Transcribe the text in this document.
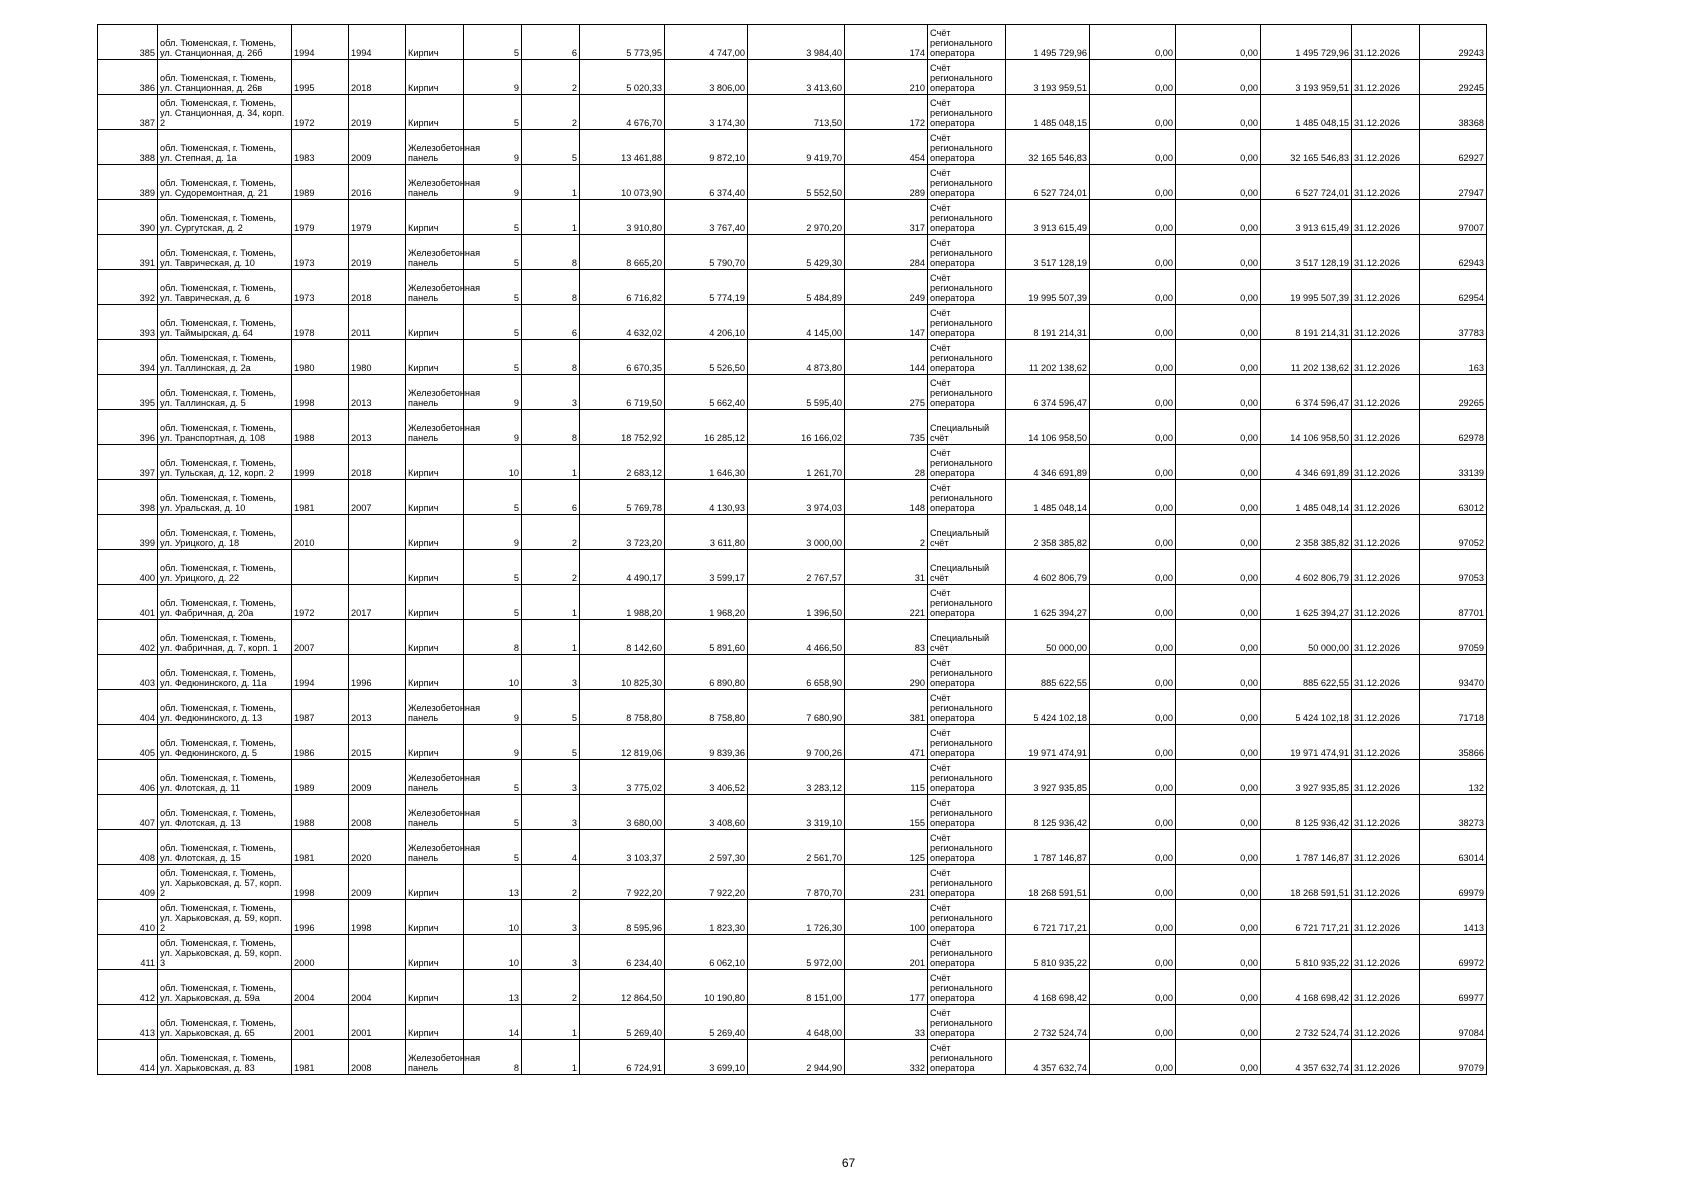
385	обл. Тюменская, г. Тюмень, ул. Станционная, д. 26б	1994	1994	Кирпич	5	6	5 773,95	4 747,00	3 984,40	174	Счёт регионального оператора	1 495 729,96	0,00	0,00	1 495 729,96	31.12.2026	29243
386	обл. Тюменская, г. Тюмень, ул. Станционная, д. 26в	1995	2018	Кирпич	9	2	5 020,33	3 806,00	3 413,60	210	Счёт регионального оператора	3 193 959,51	0,00	0,00	3 193 959,51	31.12.2026	29245
387	обл. Тюменская, г. Тюмень, ул. Станционная, д. 34, корп. 2	1972	2019	Кирпич	5	2	4 676,70	3 174,30	713,50	172	Счёт регионального оператора	1 485 048,15	0,00	0,00	1 485 048,15	31.12.2026	38368
388	обл. Тюменская, г. Тюмень, ул. Степная, д. 1а	1983	2009	Железобетонная панель	9	5	13 461,88	9 872,10	9 419,70	454	Счёт регионального оператора	32 165 546,83	0,00	0,00	32 165 546,83	31.12.2026	62927
389	обл. Тюменская, г. Тюмень, ул. Судоремонтная, д. 21	1989	2016	Железобетонная панель	9	1	10 073,90	6 374,40	5 552,50	289	Счёт регионального оператора	6 527 724,01	0,00	0,00	6 527 724,01	31.12.2026	27947
390	обл. Тюменская, г. Тюмень, ул. Сургутская, д. 2	1979	1979	Кирпич	5	1	3 910,80	3 767,40	2 970,20	317	Счёт регионального оператора	3 913 615,49	0,00	0,00	3 913 615,49	31.12.2026	97007
391	обл. Тюменская, г. Тюмень, ул. Таврическая, д. 10	1973	2019	Железобетонная панель	5	8	8 665,20	5 790,70	5 429,30	284	Счёт регионального оператора	3 517 128,19	0,00	0,00	3 517 128,19	31.12.2026	62943
392	обл. Тюменская, г. Тюмень, ул. Таврическая, д. 6	1973	2018	Железобетонная панель	5	8	6 716,82	5 774,19	5 484,89	249	Счёт регионального оператора	19 995 507,39	0,00	0,00	19 995 507,39	31.12.2026	62954
393	обл. Тюменская, г. Тюмень, ул. Таймырская, д. 64	1978	2011	Кирпич	5	6	4 632,02	4 206,10	4 145,00	147	Счёт регионального оператора	8 191 214,31	0,00	0,00	8 191 214,31	31.12.2026	37783
394	обл. Тюменская, г. Тюмень, ул. Таллинская, д. 2а	1980	1980	Кирпич	5	8	6 670,35	5 526,50	4 873,80	144	Счёт регионального оператора	11 202 138,62	0,00	0,00	11 202 138,62	31.12.2026	163
395	обл. Тюменская, г. Тюмень, ул. Таллинская, д. 5	1998	2013	Железобетонная панель	9	3	6 719,50	5 662,40	5 595,40	275	Счёт регионального оператора	6 374 596,47	0,00	0,00	6 374 596,47	31.12.2026	29265
396	обл. Тюменская, г. Тюмень, ул. Транспортная, д. 108	1988	2013	Железобетонная панель	9	8	18 752,92	16 285,12	16 166,02	735	Специальный счёт	14 106 958,50	0,00	0,00	14 106 958,50	31.12.2026	62978
397	обл. Тюменская, г. Тюмень, ул. Тульская, д. 12, корп. 2	1999	2018	Кирпич	10	1	2 683,12	1 646,30	1 261,70	28	Счёт регионального оператора	4 346 691,89	0,00	0,00	4 346 691,89	31.12.2026	33139
398	обл. Тюменская, г. Тюмень, ул. Уральская, д. 10	1981	2007	Кирпич	5	6	5 769,78	4 130,93	3 974,03	148	Счёт регионального оператора	1 485 048,14	0,00	0,00	1 485 048,14	31.12.2026	63012
399	обл. Тюменская, г. Тюмень, ул. Урицкого, д. 18	2010		Кирпич	9	2	3 723,20	3 611,80	3 000,00	2	Специальный счёт	2 358 385,82	0,00	0,00	2 358 385,82	31.12.2026	97052
400	обл. Тюменская, г. Тюмень, ул. Урицкого, д. 22			Кирпич	5	2	4 490,17	3 599,17	2 767,57	31	Специальный счёт	4 602 806,79	0,00	0,00	4 602 806,79	31.12.2026	97053
401	обл. Тюменская, г. Тюмень, ул. Фабричная, д. 20а	1972	2017	Кирпич	5	1	1 988,20	1 968,20	1 396,50	221	Счёт регионального оператора	1 625 394,27	0,00	0,00	1 625 394,27	31.12.2026	87701
402	обл. Тюменская, г. Тюмень, ул. Фабричная, д. 7, корп. 1	2007		Кирпич	8	1	8 142,60	5 891,60	4 466,50	83	Специальный счёт	50 000,00	0,00	0,00	50 000,00	31.12.2026	97059
403	обл. Тюменская, г. Тюмень, ул. Федюнинского, д. 11а	1994	1996	Кирпич	10	3	10 825,30	6 890,80	6 658,90	290	Счёт регионального оператора	885 622,55	0,00	0,00	885 622,55	31.12.2026	93470
404	обл. Тюменская, г. Тюмень, ул. Федюнинского, д. 13	1987	2013	Железобетонная панель	9	5	8 758,80	8 758,80	7 680,90	381	Счёт регионального оператора	5 424 102,18	0,00	0,00	5 424 102,18	31.12.2026	71718
405	обл. Тюменская, г. Тюмень, ул. Федюнинского, д. 5	1986	2015	Кирпич	9	5	12 819,06	9 839,36	9 700,26	471	Счёт регионального оператора	19 971 474,91	0,00	0,00	19 971 474,91	31.12.2026	35866
406	обл. Тюменская, г. Тюмень, ул. Флотская, д. 11	1989	2009	Железобетонная панель	5	3	3 775,02	3 406,52	3 283,12	115	Счёт регионального оператора	3 927 935,85	0,00	0,00	3 927 935,85	31.12.2026	132
407	обл. Тюменская, г. Тюмень, ул. Флотская, д. 13	1988	2008	Железобетонная панель	5	3	3 680,00	3 408,60	3 319,10	155	Счёт регионального оператора	8 125 936,42	0,00	0,00	8 125 936,42	31.12.2026	38273
408	обл. Тюменская, г. Тюмень, ул. Флотская, д. 15	1981	2020	Железобетонная панель	5	4	3 103,37	2 597,30	2 561,70	125	Счёт регионального оператора	1 787 146,87	0,00	0,00	1 787 146,87	31.12.2026	63014
409	обл. Тюменская, г. Тюмень, ул. Харьковская, д. 57, корп. 2	1998	2009	Кирпич	13	2	7 922,20	7 922,20	7 870,70	231	Счёт регионального оператора	18 268 591,51	0,00	0,00	18 268 591,51	31.12.2026	69979
410	обл. Тюменская, г. Тюмень, ул. Харьковская, д. 59, корп. 2	1996	1998	Кирпич	10	3	8 595,96	1 823,30	1 726,30	100	Счёт регионального оператора	6 721 717,21	0,00	0,00	6 721 717,21	31.12.2026	1413
411	обл. Тюменская, г. Тюмень, ул. Харьковская, д. 59, корп. 3	2000		Кирпич	10	3	6 234,40	6 062,10	5 972,00	201	Счёт регионального оператора	5 810 935,22	0,00	0,00	5 810 935,22	31.12.2026	69972
412	обл. Тюменская, г. Тюмень, ул. Харьковская, д. 59а	2004	2004	Кирпич	13	2	12 864,50	10 190,80	8 151,00	177	Счёт регионального оператора	4 168 698,42	0,00	0,00	4 168 698,42	31.12.2026	69977
413	обл. Тюменская, г. Тюмень, ул. Харьковская, д. 65	2001	2001	Кирпич	14	1	5 269,40	5 269,40	4 648,00	33	Счёт регионального оператора	2 732 524,74	0,00	0,00	2 732 524,74	31.12.2026	97084
414	обл. Тюменская, г. Тюмень, ул. Харьковская, д. 83	1981	2008	Железобетонная панель	8	1	6 724,91	3 699,10	2 944,90	332	Счёт регионального оператора	4 357 632,74	0,00	0,00	4 357 632,74	31.12.2026	97079
67
